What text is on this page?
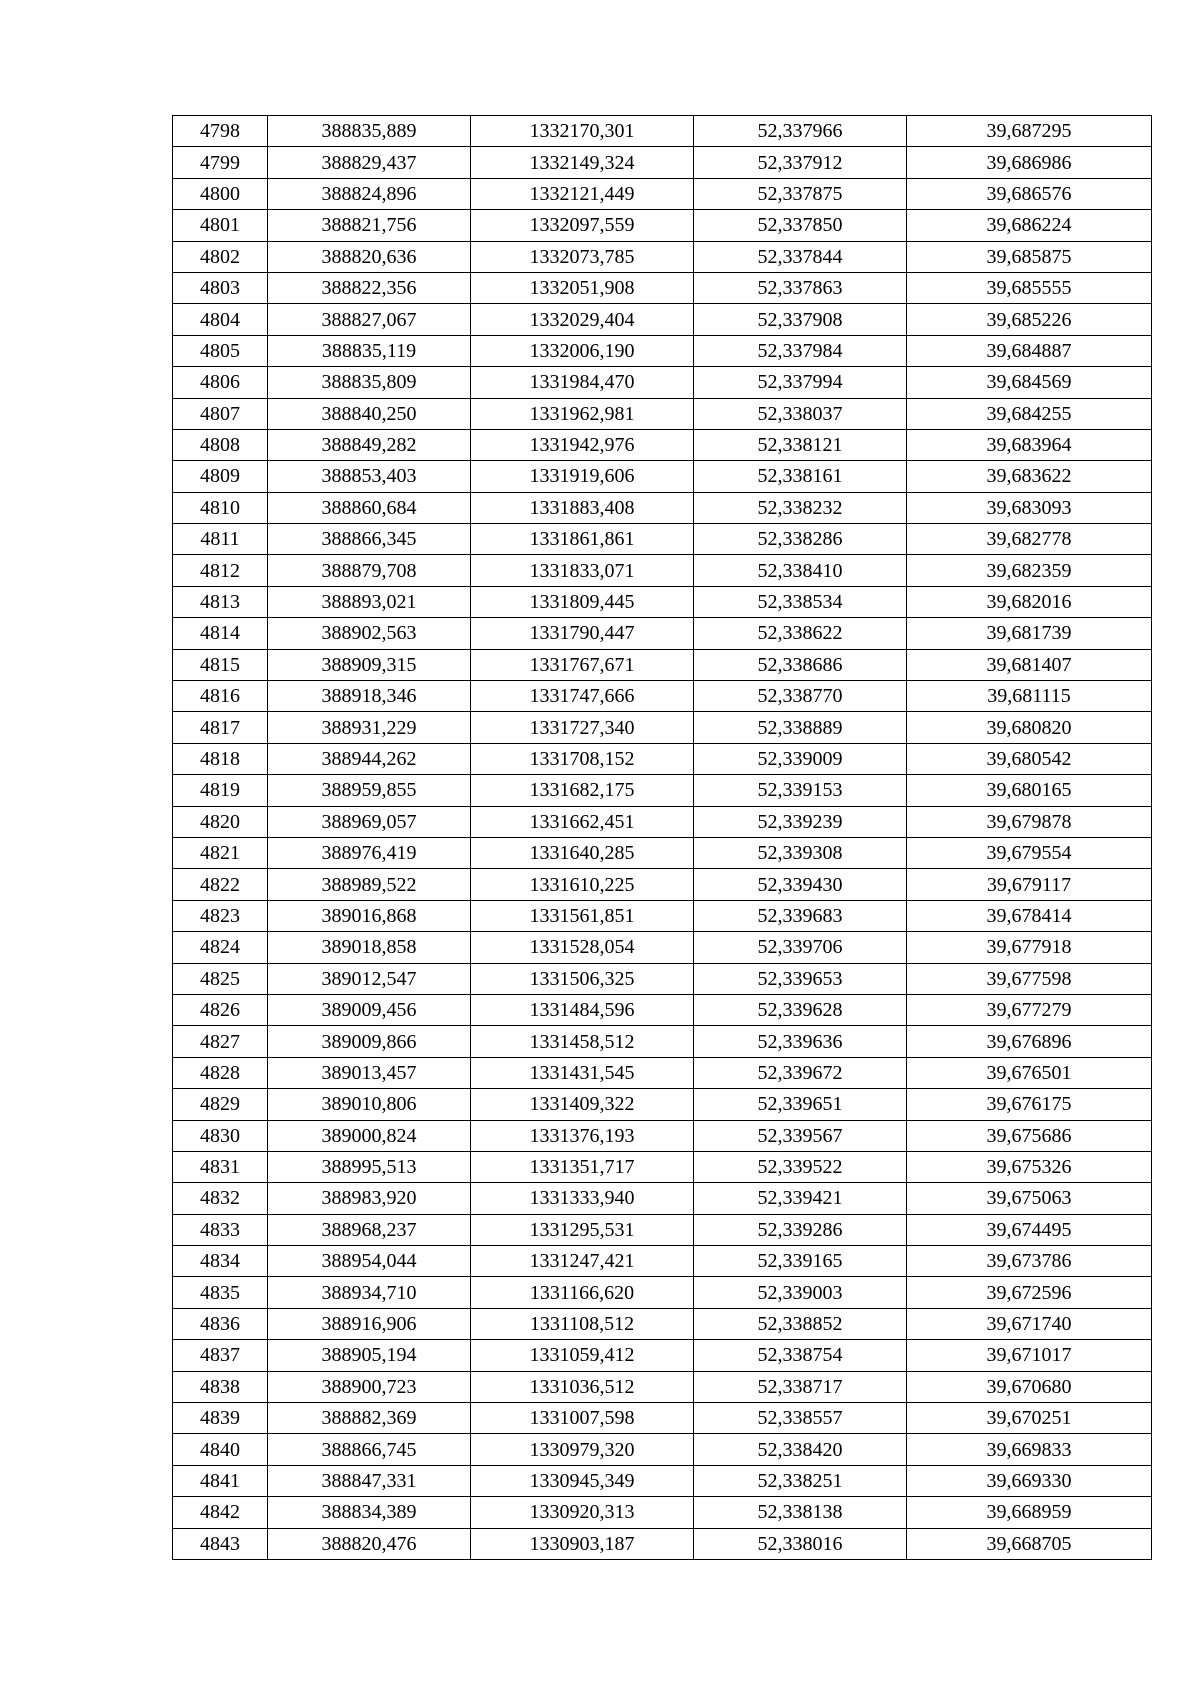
4798	388835,889	1332170,301	52,337966	39,687295
4799	388829,437	1332149,324	52,337912	39,686986
4800	388824,896	1332121,449	52,337875	39,686576
4801	388821,756	1332097,559	52,337850	39,686224
4802	388820,636	1332073,785	52,337844	39,685875
4803	388822,356	1332051,908	52,337863	39,685555
4804	388827,067	1332029,404	52,337908	39,685226
4805	388835,119	1332006,190	52,337984	39,684887
4806	388835,809	1331984,470	52,337994	39,684569
4807	388840,250	1331962,981	52,338037	39,684255
4808	388849,282	1331942,976	52,338121	39,683964
4809	388853,403	1331919,606	52,338161	39,683622
4810	388860,684	1331883,408	52,338232	39,683093
4811	388866,345	1331861,861	52,338286	39,682778
4812	388879,708	1331833,071	52,338410	39,682359
4813	388893,021	1331809,445	52,338534	39,682016
4814	388902,563	1331790,447	52,338622	39,681739
4815	388909,315	1331767,671	52,338686	39,681407
4816	388918,346	1331747,666	52,338770	39,681115
4817	388931,229	1331727,340	52,338889	39,680820
4818	388944,262	1331708,152	52,339009	39,680542
4819	388959,855	1331682,175	52,339153	39,680165
4820	388969,057	1331662,451	52,339239	39,679878
4821	388976,419	1331640,285	52,339308	39,679554
4822	388989,522	1331610,225	52,339430	39,679117
4823	389016,868	1331561,851	52,339683	39,678414
4824	389018,858	1331528,054	52,339706	39,677918
4825	389012,547	1331506,325	52,339653	39,677598
4826	389009,456	1331484,596	52,339628	39,677279
4827	389009,866	1331458,512	52,339636	39,676896
4828	389013,457	1331431,545	52,339672	39,676501
4829	389010,806	1331409,322	52,339651	39,676175
4830	389000,824	1331376,193	52,339567	39,675686
4831	388995,513	1331351,717	52,339522	39,675326
4832	388983,920	1331333,940	52,339421	39,675063
4833	388968,237	1331295,531	52,339286	39,674495
4834	388954,044	1331247,421	52,339165	39,673786
4835	388934,710	1331166,620	52,339003	39,672596
4836	388916,906	1331108,512	52,338852	39,671740
4837	388905,194	1331059,412	52,338754	39,671017
4838	388900,723	1331036,512	52,338717	39,670680
4839	388882,369	1331007,598	52,338557	39,670251
4840	388866,745	1330979,320	52,338420	39,669833
4841	388847,331	1330945,349	52,338251	39,669330
4842	388834,389	1330920,313	52,338138	39,668959
4843	388820,476	1330903,187	52,338016	39,668705
